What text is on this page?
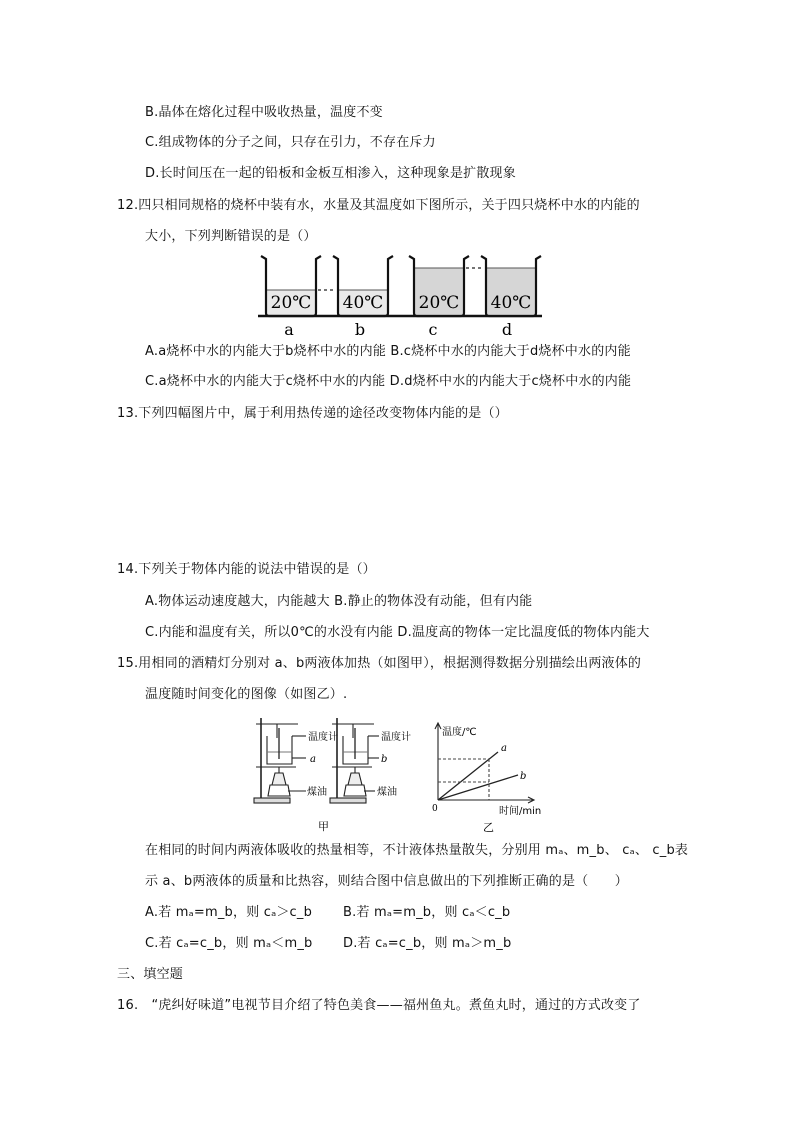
B.晶体在熔化过程中吸收热量，温度不变
C.组成物体的分子之间，只存在引力，不存在斥力
D.长时间压在一起的铅板和金板互相渗入，这种现象是扩散现象
12.四只相同规格的烧杯中装有水，水量及其温度如下图所示，关于四只烧杯中水的内能的
大小，下列判断错误的是（）
20℃
a
40℃
b
20℃
c
40℃
d
A.a烧杯中水的内能大于b烧杯中水的内能 B.c烧杯中水的内能大于d烧杯中水的内能
C.a烧杯中水的内能大于c烧杯中水的内能 D.d烧杯中水的内能大于c烧杯中水的内能
13.下列四幅图片中，属于利用热传递的途径改变物体内能的是（）
14.下列关于物体内能的说法中错误的是（）
A.物体运动速度越大，内能越大 B.静止的物体没有动能，但有内能
C.内能和温度有关，所以0℃的水没有内能 D.温度高的物体一定比温度低的物体内能大
15.用相同的酒精灯分别对 a、b两液体加热（如图甲），根据测得数据分别描绘出两液体的
温度随时间变化的图像（如图乙）.
温度计	温度计
a	b
煤油	煤油
甲
温度/℃
时间/min
0
a
b
乙
在相同的时间内两液体吸收的热量相等，不计液体热量散失，分别用 mₐ、m_b、 cₐ、 c_b表
示 a、b两液体的质量和比热容，则结合图中信息做出的下列推断正确的是（　　）
A.若 mₐ=m_b，则 cₐ＞c_b B.若 mₐ=m_b，则 cₐ＜c_b
C.若 cₐ=c_b，则 mₐ＜m_b D.若 cₐ=c_b，则 mₐ＞m_b
三、填空题
16.　“虎纠好味道”电视节目介绍了特色美食——福州鱼丸。煮鱼丸时，通过的方式改变了
